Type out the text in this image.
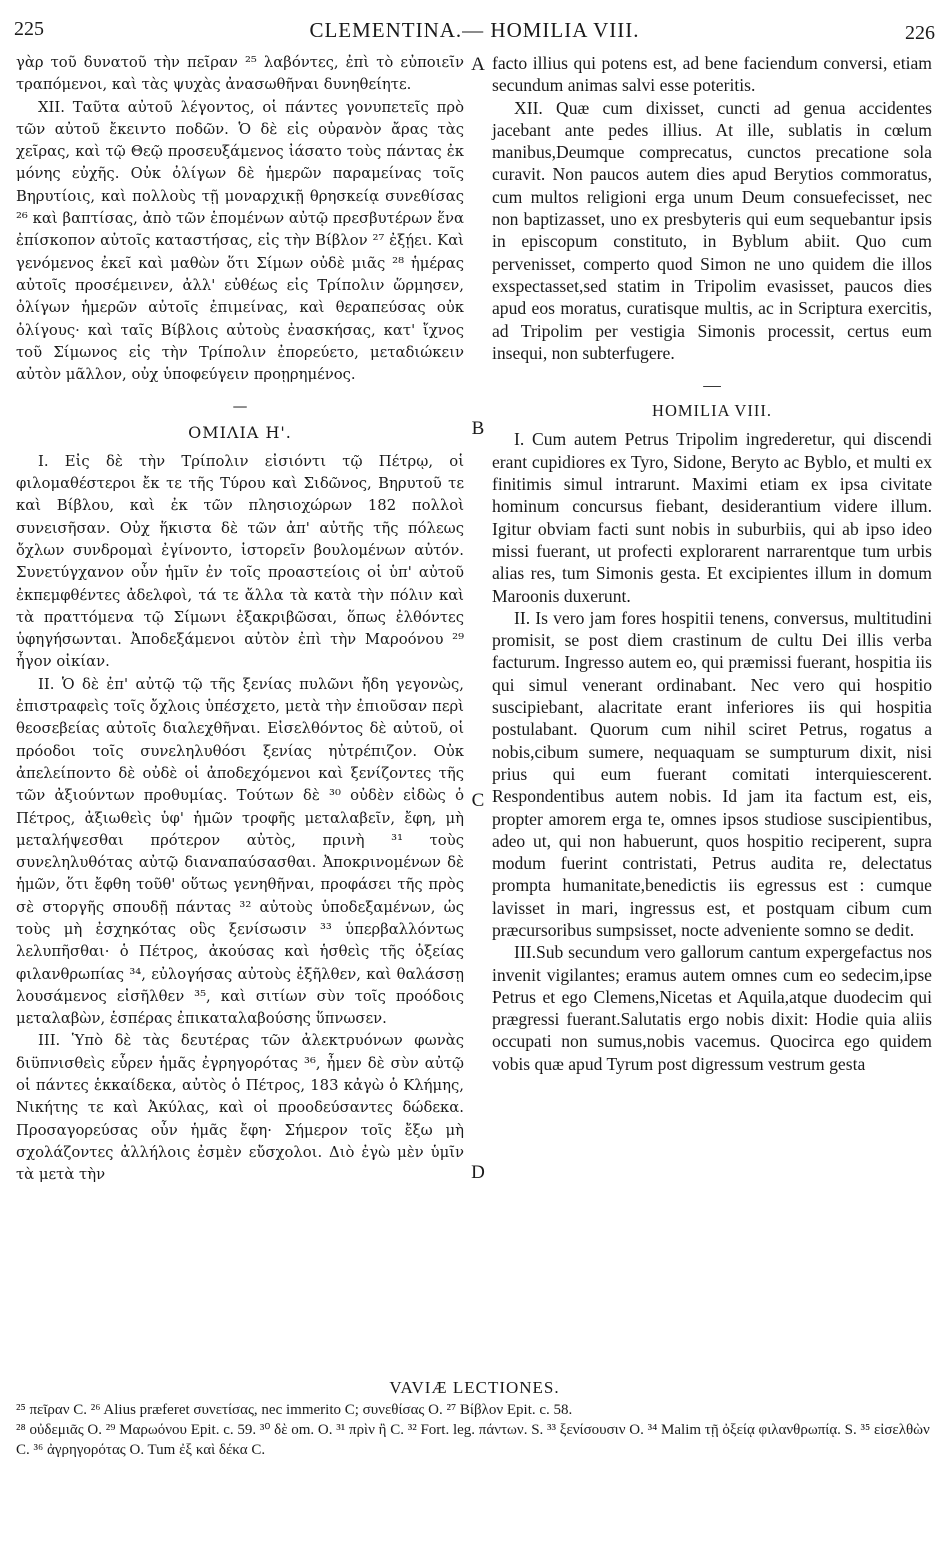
225	CLEMENTINA.— HOMILIA VIII.	226

γὰρ τοῦ δυνατοῦ τὴν πεῖραν ²⁵ λαβόντες, ἐπὶ τὸ εὐποιεῖν τραπόμενοι, καὶ τὰς ψυχὰς ἀνασωθῆναι δυνηθείητε.

XII. Ταῦτα αὐτοῦ λέγοντος, οἱ πάντες γονυπετεῖς πρὸ τῶν αὐτοῦ ἔκειντο ποδῶν. Ὁ δὲ εἰς οὐρανὸν ἄρας τὰς χεῖρας, καὶ τῷ Θεῷ προσευξάμενος ἰάσατο τοὺς πάντας ἐκ μόνης εὐχῆς. Οὐκ ὀλίγων δὲ ἡμερῶν παραμείνας τοῖς Βηρυτίοις, καὶ πολλοὺς τῇ μοναρχικῇ θρησκείᾳ συνεθίσας ²⁶ καὶ βαπτίσας, ἀπὸ τῶν ἑπομένων αὐτῷ πρεσβυτέρων ἕνα ἐπίσκοπον αὐτοῖς καταστήσας, εἰς τὴν Βίβλον ²⁷ ἐξῄει. Καὶ γενόμενος ἐκεῖ καὶ μαθὼν ὅτι Σίμων οὐδὲ μιᾶς ²⁸ ἡμέρας αὐτοῖς προσέμεινεν, ἀλλ' εὐθέως εἰς Τρίπολιν ὥρμησεν, ὀλίγων ἡμερῶν αὐτοῖς ἐπιμείνας, καὶ θεραπεύσας οὐκ ὀλίγους· καὶ ταῖς Βίβλοις αὐτοὺς ἐνασκήσας, κατ' ἴχνος τοῦ Σίμωνος εἰς τὴν Τρίπολιν ἐπορεύετο, μεταδιώκειν αὐτὸν μᾶλλον, οὐχ ὑποφεύγειν προῃρημένος.

—
ΟΜΙΛΙΑ Η'.

I. Εἰς δὲ τὴν Τρίπολιν εἰσιόντι τῷ Πέτρῳ, οἱ φιλομαθέστεροι ἔκ τε τῆς Τύρου καὶ Σιδῶνος, Βηρυτοῦ τε καὶ Βίβλου, καὶ ἐκ τῶν πλησιοχώρων 182 πολλοὶ συνεισῆσαν. Οὐχ ἥκιστα δὲ τῶν ἀπ' αὐτῆς τῆς πόλεως ὄχλων συνδρομαὶ ἐγίνοντο, ἱστορεῖν βουλομένων αὐτόν. Συνετύγχανον οὖν ἡμῖν ἐν τοῖς προαστείοις οἱ ὑπ' αὐτοῦ ἐκπεμφθέντες ἀδελφοὶ, τά τε ἄλλα τὰ κατὰ τὴν πόλιν καὶ τὰ πραττόμενα τῷ Σίμωνι ἐξακριβῶσαι, ὅπως ἐλθόντες ὑφηγήσωνται. Ἀποδεξάμενοι αὐτὸν ἐπὶ τὴν Μαροόνου ²⁹ ἦγον οἰκίαν.

II. Ὁ δὲ ἐπ' αὐτῷ τῷ τῆς ξενίας πυλῶνι ἤδη γεγονὼς, ἐπιστραφεὶς τοῖς ὄχλοις ὑπέσχετο, μετὰ τὴν ἐπιοῦσαν περὶ θεοσεβείας αὐτοῖς διαλεχθῆναι. Εἰσελθόντος δὲ αὐτοῦ, οἱ πρόοδοι τοῖς συνεληλυθόσι ξενίας ηὐτρέπιζον. Οὐκ ἀπελείποντο δὲ οὐδὲ οἱ ἀποδεχόμενοι καὶ ξενίζοντες τῆς τῶν ἀξιούντων προθυμίας. Τούτων δὲ ³⁰ οὐδὲν εἰδὼς ὁ Πέτρος, ἀξιωθεὶς ὑφ' ἡμῶν τροφῆς μεταλαβεῖν, ἔφη, μὴ μεταλήψεσθαι πρότερον αὐτὸς, πρινὴ ³¹ τοὺς συνεληλυθότας αὐτῷ διαναπαύσασθαι. Ἀποκρινομένων δὲ ἡμῶν, ὅτι ἔφθη τοῦθ' οὕτως γενηθῆναι, προφάσει τῆς πρὸς σὲ στοργῆς σπουδῇ πάντας ³² αὐτοὺς ὑποδεξαμένων, ὡς τοὺς μὴ ἐσχηκότας οὓς ξενίσωσιν ³³ ὑπερβαλλόντως λελυπῆσθαι· ὁ Πέτρος, ἀκούσας καὶ ἡσθεὶς τῆς ὀξείας φιλανθρωπίας ³⁴, εὐλογήσας αὐτοὺς ἐξῆλθεν, καὶ θαλάσσῃ λουσάμενος εἰσῆλθεν ³⁵, καὶ σιτίων σὺν τοῖς προόδοις μεταλαβὼν, ἑσπέρας ἐπικαταλαβούσης ὕπνωσεν.

III. Ὑπὸ δὲ τὰς δευτέρας τῶν ἀλεκτρυόνων φωνὰς διϋπνισθεὶς εὗρεν ἡμᾶς ἐγρηγορότας ³⁶, ἦμεν δὲ σὺν αὐτῷ οἱ πάντες ἑκκαίδεκα, αὐτὸς ὁ Πέτρος, 183 κἀγὼ ὁ Κλήμης, Νικήτης τε καὶ Ἀκύλας, καὶ οἱ προοδεύσαντες δώδεκα. Προσαγορεύσας οὖν ἡμᾶς ἔφη· Σήμερον τοῖς ἔξω μὴ σχολάζοντες ἀλλήλοις ἐσμὲν εὔσχολοι. Διὸ ἐγὼ μὲν ὑμῖν τὰ μετὰ τὴν

facto illius qui potens est, ad bene faciendum conversi, etiam secundum animas salvi esse poteritis.

XII. Quæ cum dixisset, cuncti ad genua accidentes jacebant ante pedes illius. At ille, sublatis in cœlum manibus,Deumque comprecatus, cunctos precatione sola curavit. Non paucos autem dies apud Berytios commoratus, cum multos religioni erga unum Deum consuefecisset, nec non baptizasset, uno ex presbyteris qui eum sequebantur ipsis in episcopum constituto, in Byblum abiit. Quo cum pervenisset, comperto quod Simon ne uno quidem die illos exspectasset,sed statim in Tripolim evasisset, paucos dies apud eos moratus, curatisque multis, ac in Scriptura exercitis, ad Tripolim per vestigia Simonis processit, certus eum insequi, non subterfugere.

—
HOMILIA VIII.

I. Cum autem Petrus Tripolim ingrederetur, qui discendi erant cupidiores ex Tyro, Sidone, Beryto ac Byblo, et multi ex finitimis simul intrarunt. Maximi etiam ex ipsa civitate hominum concursus fiebant, desiderantium videre illum. Igitur obviam facti sunt nobis in suburbiis, qui ab ipso ideo missi fuerant, ut profecti explorarent narrarentque tum urbis alias res, tum Simonis gesta. Et excipientes illum in domum Maroonis duxerunt.

II. Is vero jam fores hospitii tenens, conversus, multitudini promisit, se post diem crastinum de cultu Dei illis verba facturum. Ingresso autem eo, qui præmissi fuerant, hospitia iis qui simul venerant ordinabant. Nec vero qui hospitio suscipiebant, alacritate erant inferiores iis qui hospitia postulabant. Quorum cum nihil sciret Petrus, rogatus a nobis,cibum sumere, nequaquam se sumpturum dixit, nisi prius qui eum fuerant comitati interquiescerent. Respondentibus autem nobis. Id jam ita factum est, eis, propter amorem erga te, omnes ipsos studiose suscipientibus, adeo ut, qui non habuerunt, quos hospitio reciperent, supra modum fuerint contristati, Petrus audita re, delectatus prompta humanitate,benedictis iis egressus est : cumque lavisset in mari, ingressus est, et postquam cibum cum præcursoribus sumpsisset, nocte adveniente somno se dedit.

III.Sub secundum vero gallorum cantum expergefactus nos invenit vigilantes; eramus autem omnes cum eo sedecim,ipse Petrus et ego Clemens,Nicetas et Aquila,atque duodecim qui prægressi fuerant.Salutatis ergo nobis dixit: Hodie quia aliis occupati non sumus,nobis vacemus. Quocirca ego quidem vobis quæ apud Tyrum post digressum vestrum gesta

A
B
C
D
VAVIÆ LECTIONES.

²⁵ πεῖραν C. ²⁶ Alius præferet συνετίσας, nec immerito C; συνεθίσας O. ²⁷ Βίβλον Epit. c. 58.

²⁸ οὐδεμιᾶς O. ²⁹ Μαρωόνου Epit. c. 59. ³⁰ δὲ om. O. ³¹ πρὶν ἢ C. ³² Fort. leg. πάντων. S. ³³ ξενίσουσιν O. ³⁴ Malim τῇ ὀξείᾳ φιλανθρωπίᾳ. S. ³⁵ εἰσελθὼν C. ³⁶ ἀγρηγορότας O. Tum ἐξ καὶ δέκα C.
